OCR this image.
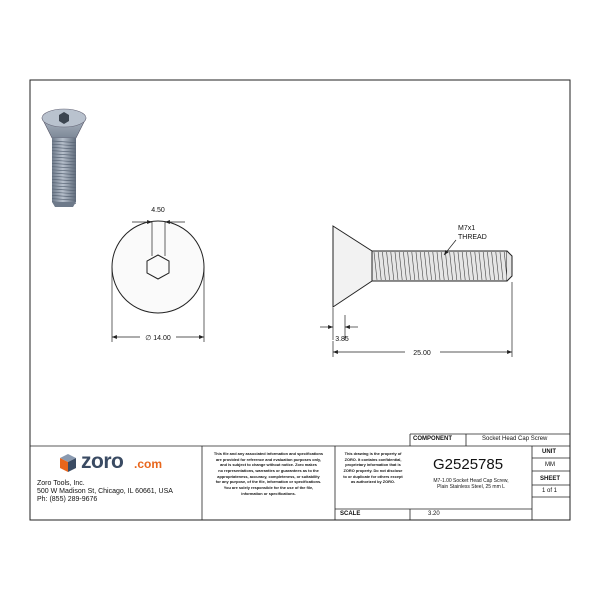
4.50
∅ 14.00
M7x1
THREAD
3.85
25.00
zoro .com
Zoro Tools, Inc.
500 W Madison St, Chicago, IL 60661, USA
Ph: (855) 289-9676
This file and any associated information and specifications
are provided for reference and evaluation purposes only,
and is subject to change without notice. Zoro makes
no representations, warranties or guarantees as to the
appropriateness, accuracy, completeness, or suitability
for any purpose, of the file, information or specifications.
You are solely responsible for the use of the file,
information or specifications.
This drawing is the property of
ZORO. It contains confidential,
proprietary information that is
ZORO property. Do not disclose
to or duplicate for others except
as authorized by ZORO.
COMPONENT	Socket Head Cap Screw
G2525785
M7-1.00 Socket Head Cap Screw,
Plain Stainless Steel, 25 mm L
UNIT
MM
SHEET
1 of 1
SCALE	3.20
